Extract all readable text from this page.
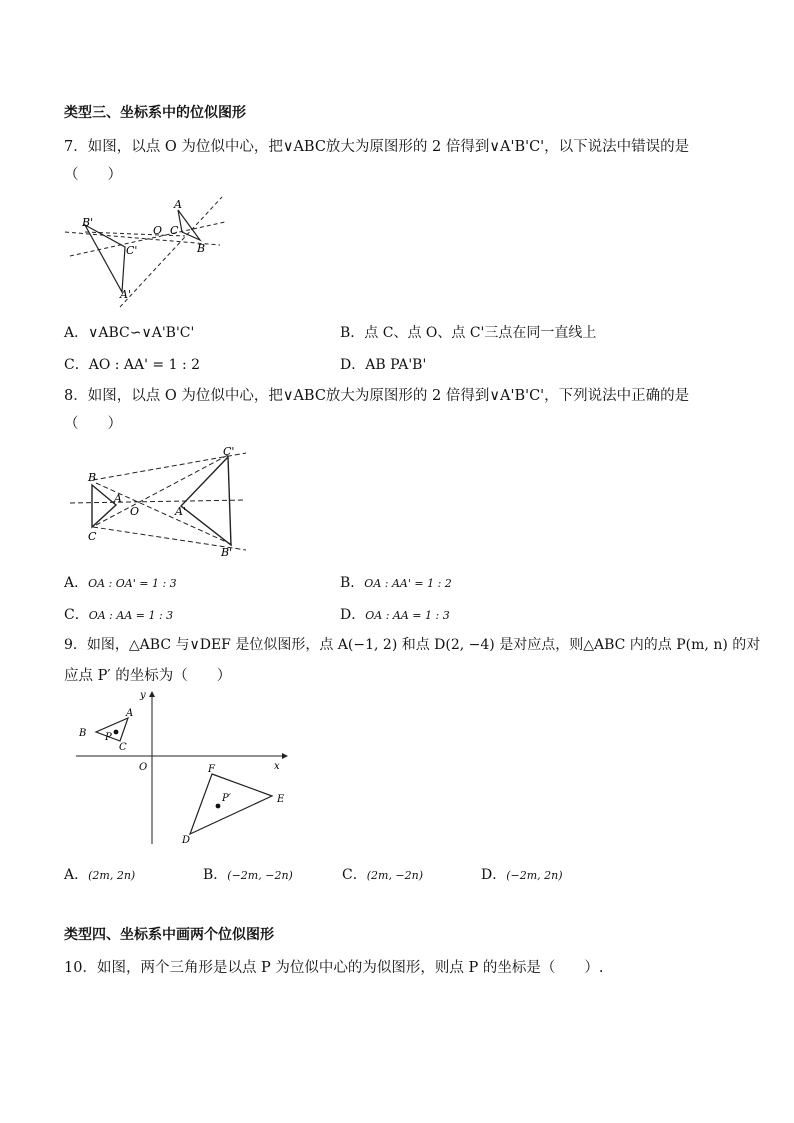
类型三、坐标系中的位似图形
7．如图，以点 O 为位似中心，把∨ABC放大为原图形的 2 倍得到∨A'B'C'，以下说法中错误的是
（　　）
B'
C'
A'
O
A
C
B
A．∨ABC∽∨A'B'C'	B．点 C、点 O、点 C'三点在同一直线上
C．AO : AA' = 1 : 2	D．AB PA'B'
8．如图，以点 O 为位似中心，把∨ABC放大为原图形的 2 倍得到∨A'B'C'，下列说法中正确的是
（　　）
B
A
C
O	A'
C'
B'
A．OA : OA' = 1 : 3	B．OA : AA' = 1 : 2
C．OA : AA = 1 : 3	D．OA : AA = 1 : 3
9．如图，△ABC 与∨DEF 是位似图形，点 A(−1, 2) 和点 D(2, −4) 是对应点，则△ABC 内的点 P(m, n) 的对
应点 P′ 的坐标为（　　）
y
A
B P
C
O	x
F
P′	E
D
A．(2m, 2n)	B．(−2m, −2n)	C．(2m, −2n)	D．(−2m, 2n)
类型四、坐标系中画两个位似图形
10．如图，两个三角形是以点 P 为位似中心的为似图形，则点 P 的坐标是（　　）.
